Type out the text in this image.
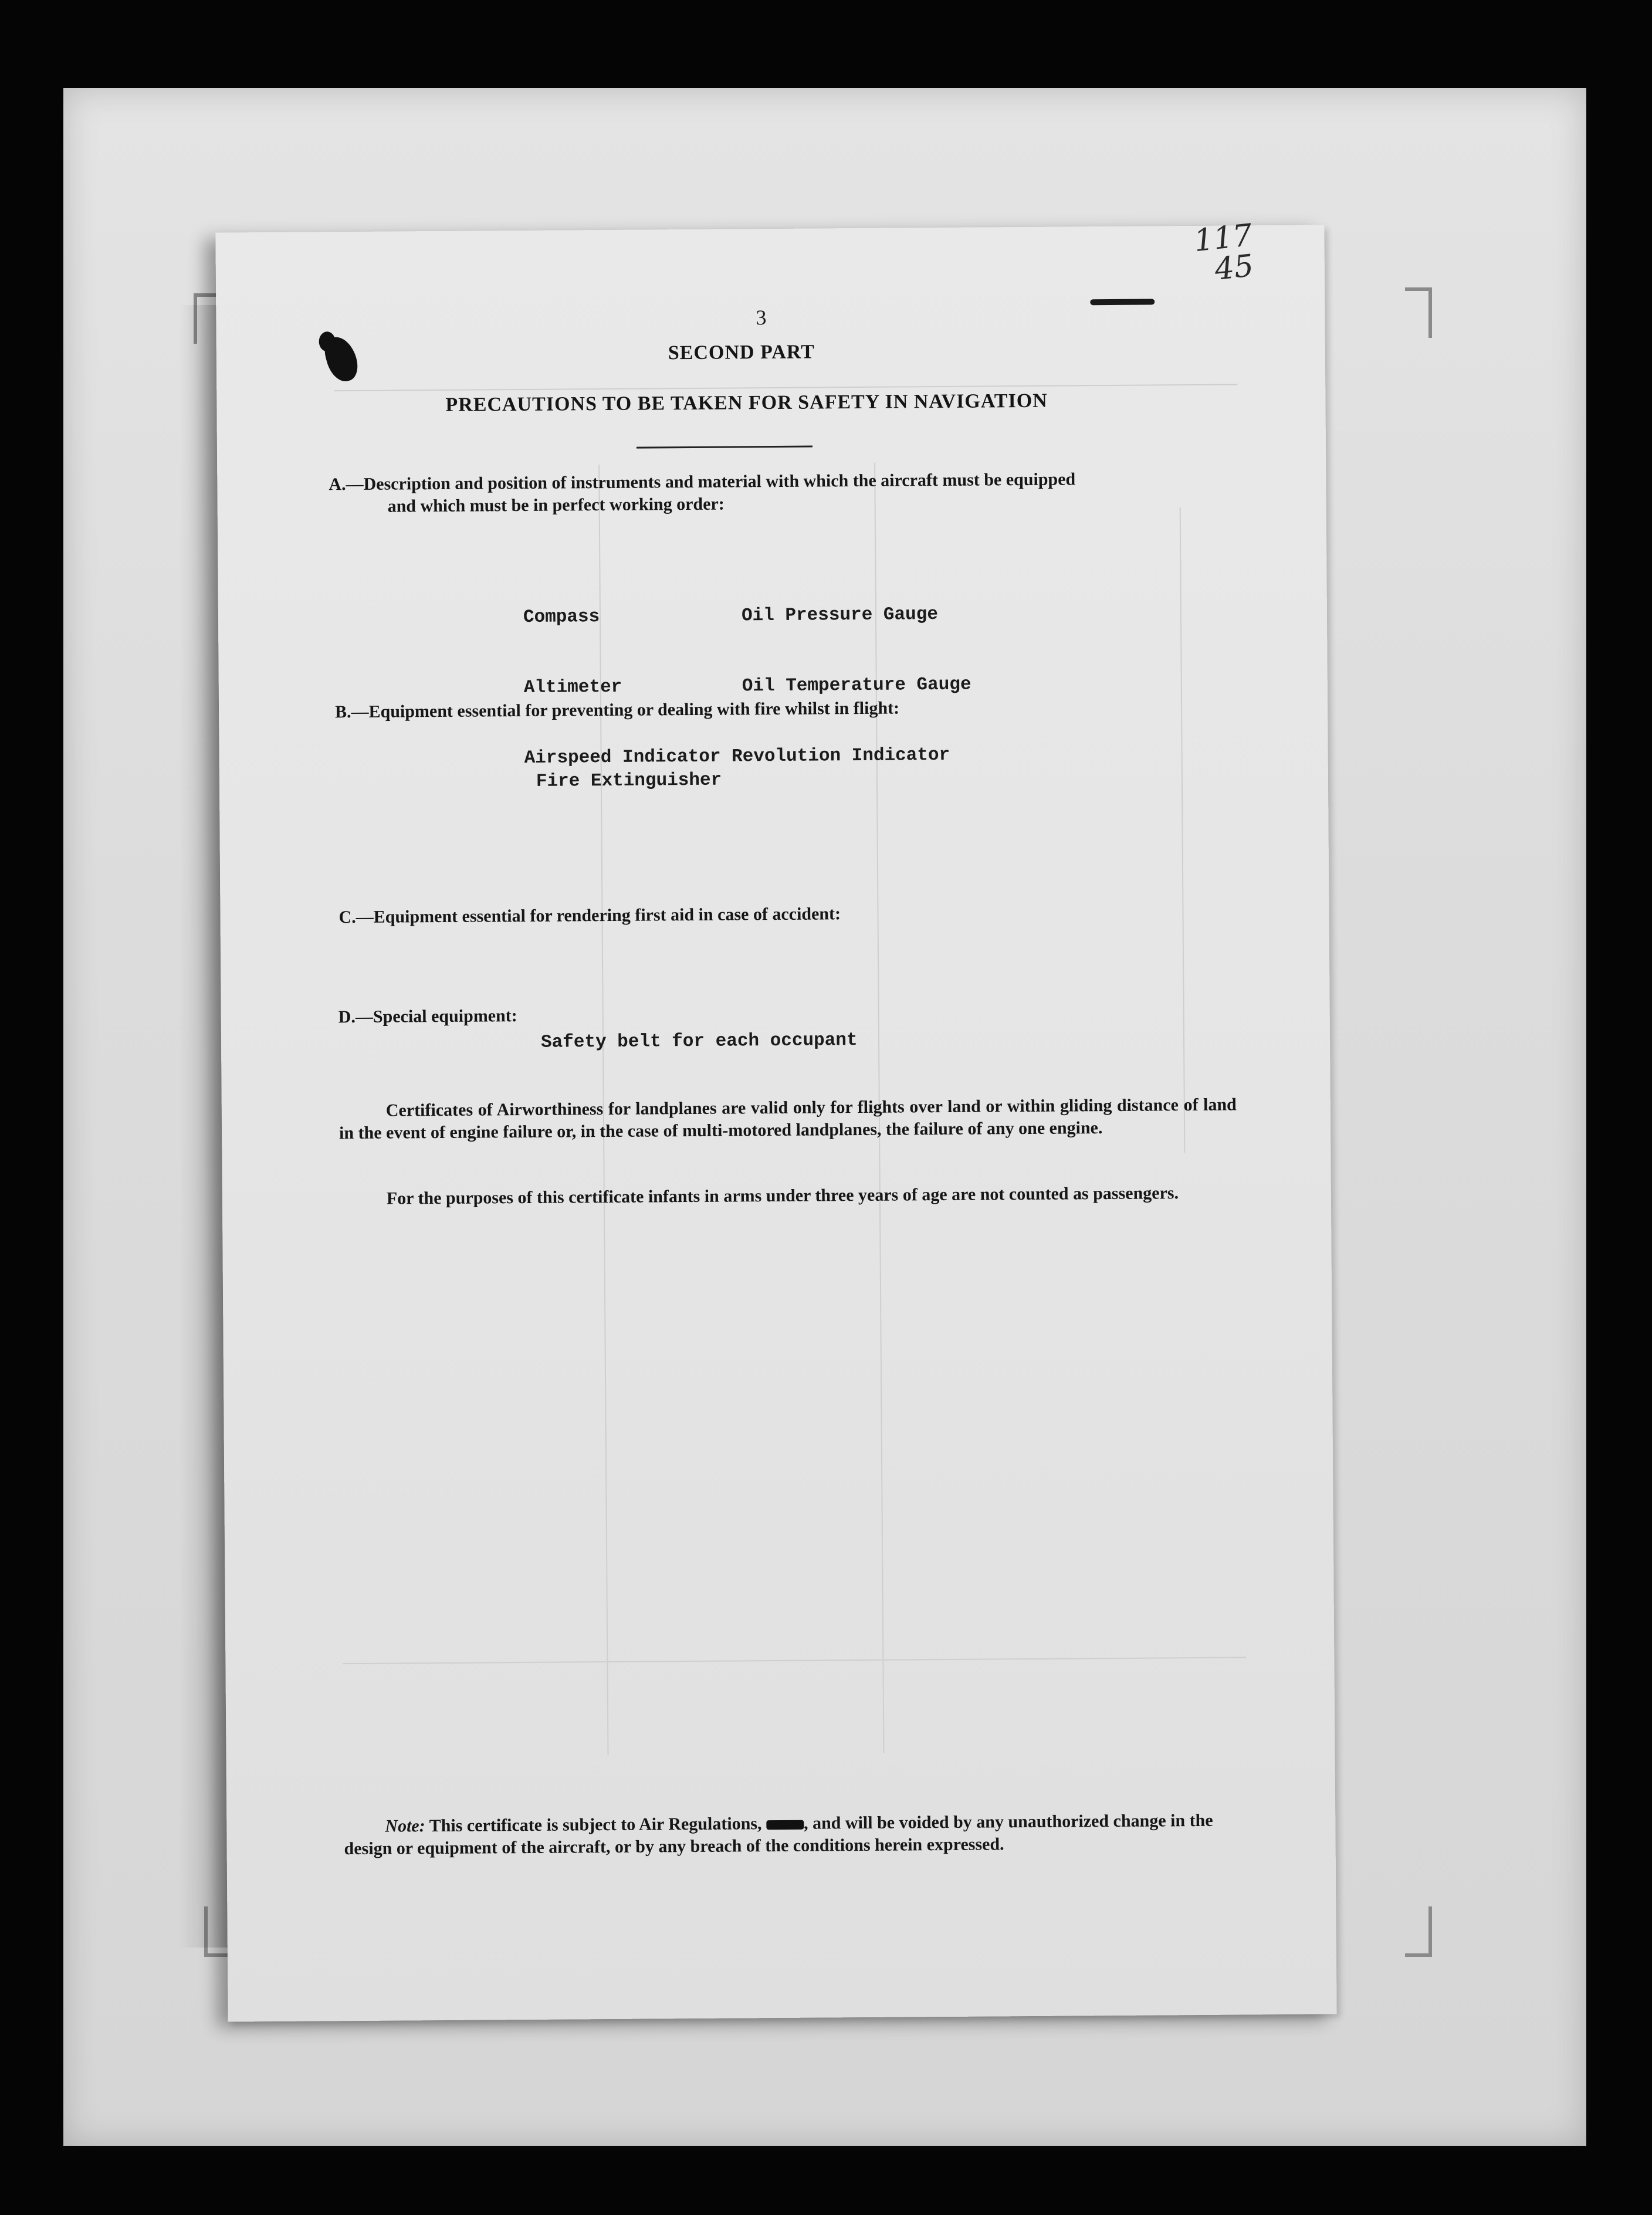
3
SECOND PART
PRECAUTIONS TO BE TAKEN FOR SAFETY IN NAVIGATION
A.—Description and position of instruments and material with which the aircraft must be equipped
and which must be in perfect working order:

Compass             Oil Pressure Gauge

Altimeter           Oil Temperature Gauge

Airspeed Indicator Revolution Indicator

B.—Equipment essential for preventing or dealing with fire whilst in flight:
Fire Extinguisher
C.—Equipment essential for rendering first aid in case of accident:
D.—Special equipment:
Safety belt for each occupant
Certificates of Airworthiness for landplanes are valid only for flights over land or within gliding distance of land in the event of engine failure or, in the case of multi-motored landplanes, the failure of any one engine.
For the purposes of this certificate infants in arms under three years of age are not counted as passengers.
Note: This certificate is subject to Air Regulations, , and will be voided by any unauthorized change in the design or equipment of the aircraft, or by any breach of the conditions herein expressed.
117
45
